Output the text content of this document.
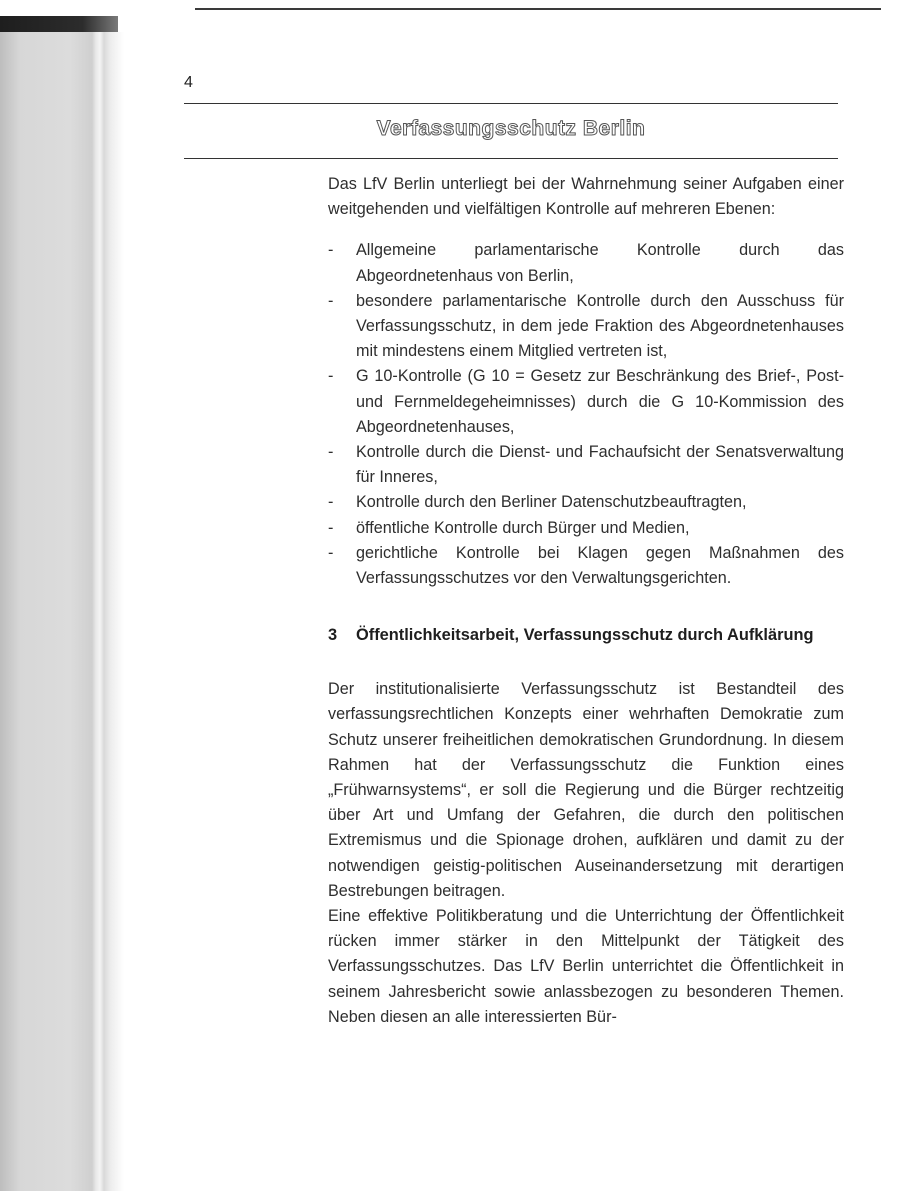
4
Verfassungsschutz Berlin

Das LfV Berlin unterliegt bei der Wahrnehmung seiner Aufgaben einer weitgehenden und vielfältigen Kontrolle auf mehreren Ebenen:

- Allgemeine parlamentarische Kontrolle durch das Abgeordnetenhaus von Berlin,
- besondere parlamentarische Kontrolle durch den Ausschuss für Verfassungsschutz, in dem jede Fraktion des Abgeordnetenhauses mit mindestens einem Mitglied vertreten ist,
- G 10-Kontrolle (G 10 = Gesetz zur Beschränkung des Brief-, Post- und Fernmeldegeheimnisses) durch die G 10-Kommission des Abgeordnetenhauses,
- Kontrolle durch die Dienst- und Fachaufsicht der Senatsverwaltung für Inneres,
- Kontrolle durch den Berliner Datenschutzbeauftragten,
- öffentliche Kontrolle durch Bürger und Medien,
- gerichtliche Kontrolle bei Klagen gegen Maßnahmen des Verfassungsschutzes vor den Verwaltungsgerichten.
3	Öffentlichkeitsarbeit, Verfassungsschutz durch Aufklärung

Der institutionalisierte Verfassungsschutz ist Bestandteil des verfassungsrechtlichen Konzepts einer wehrhaften Demokratie zum Schutz unserer freiheitlichen demokratischen Grundordnung. In diesem Rahmen hat der Verfassungsschutz die Funktion eines „Frühwarnsystems“, er soll die Regierung und die Bürger rechtzeitig über Art und Umfang der Gefahren, die durch den politischen Extremismus und die Spionage drohen, aufklären und damit zu der notwendigen geistig-politischen Auseinandersetzung mit derartigen Bestrebungen beitragen.

Eine effektive Politikberatung und die Unterrichtung der Öffentlichkeit rücken immer stärker in den Mittelpunkt der Tätigkeit des Verfassungsschutzes. Das LfV Berlin unterrichtet die Öffentlichkeit in seinem Jahresbericht sowie anlassbezogen zu besonderen Themen. Neben diesen an alle interessierten Bür-
